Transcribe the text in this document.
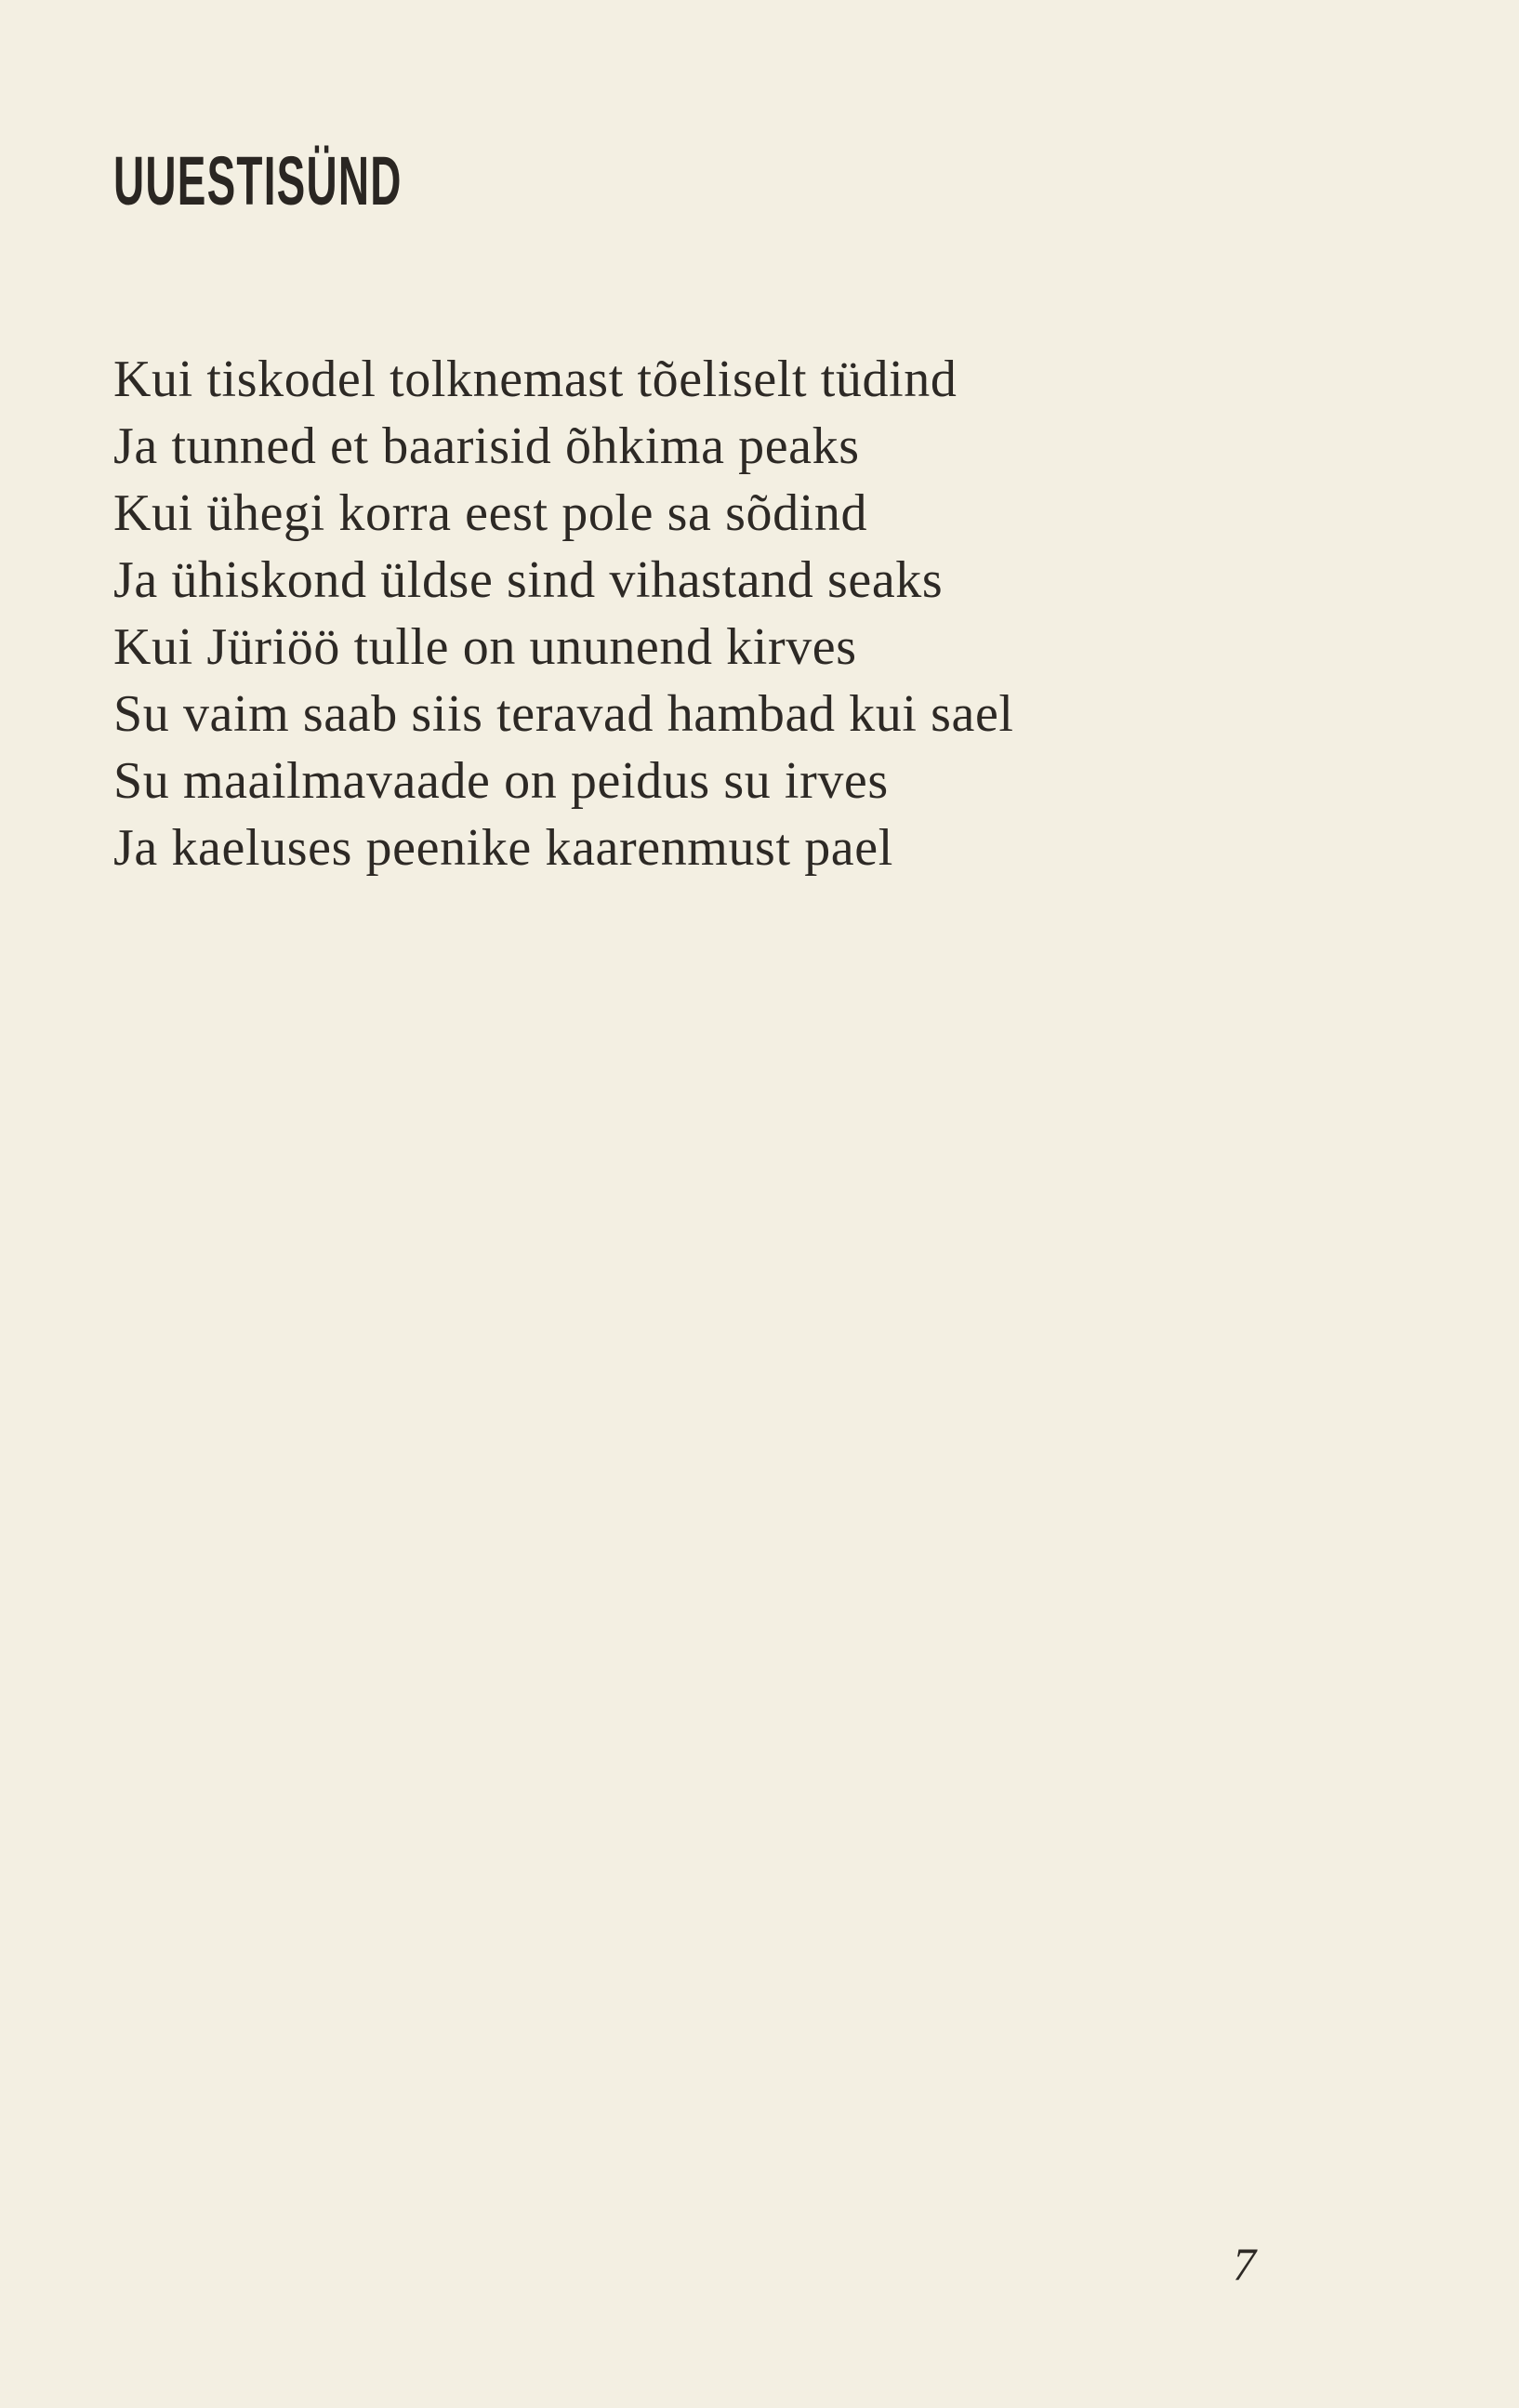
UUESTISÜND
Kui tiskodel tolknemast tõeliselt tüdind
Ja tunned et baarisid õhkima peaks
Kui ühegi korra eest pole sa sõdind
Ja ühiskond üldse sind vihastand seaks
Kui Jüriöö tulle on ununend kirves
Su vaim saab siis teravad hambad kui sael
Su maailmavaade on peidus su irves
Ja kaeluses peenike kaarenmust pael
7
